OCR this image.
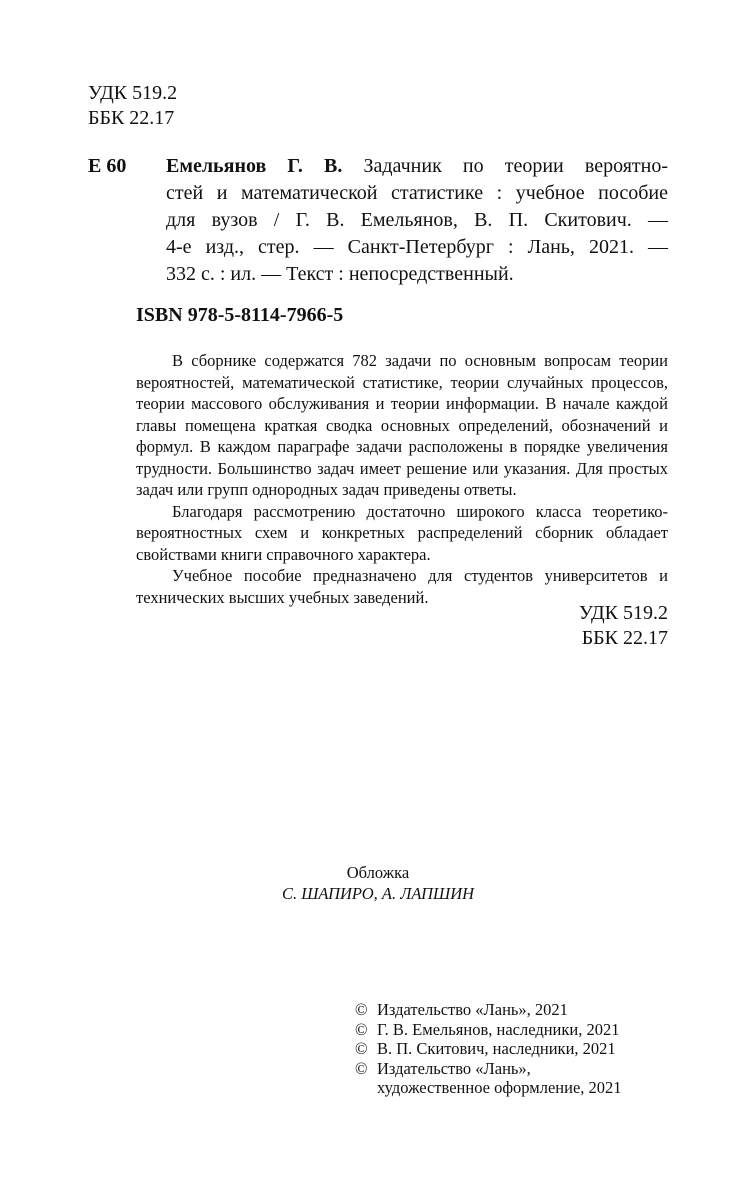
УДК 519.2
ББК 22.17
Е 60 Емельянов Г. В. Задачник по теории вероятно-
стей и математической статистике : учебное пособие
для вузов / Г. В. Емельянов, В. П. Скитович. —
4-е изд., стер. — Санкт-Петербург : Лань, 2021. —
332 с. : ил. — Текст : непосредственный.
ISBN 978-5-8114-7966-5

В сборнике содержатся 782 задачи по основным вопросам теории вероятностей, математической статистике, теории случайных процессов, теории массового обслуживания и теории информации. В начале каждой главы помещена краткая сводка основных определений, обозначений и формул. В каждом параграфе задачи расположены в порядке увеличения трудности. Большинство задач имеет решение или указания. Для простых задач или групп однородных задач приведены ответы.

Благодаря рассмотрению достаточно широкого класса теоретико-вероятностных схем и конкретных распределений сборник обладает свойствами книги справочного характера.

Учебное пособие предназначено для студентов университетов и технических высших учебных заведений.

УДК 519.2
ББК 22.17
Обложка
С. ШАПИРО, А. ЛАПШИН
© Издательство «Лань», 2021
© Г. В. Емельянов, наследники, 2021
© В. П. Скитович, наследники, 2021
© Издательство «Лань»,
художественное оформление, 2021
